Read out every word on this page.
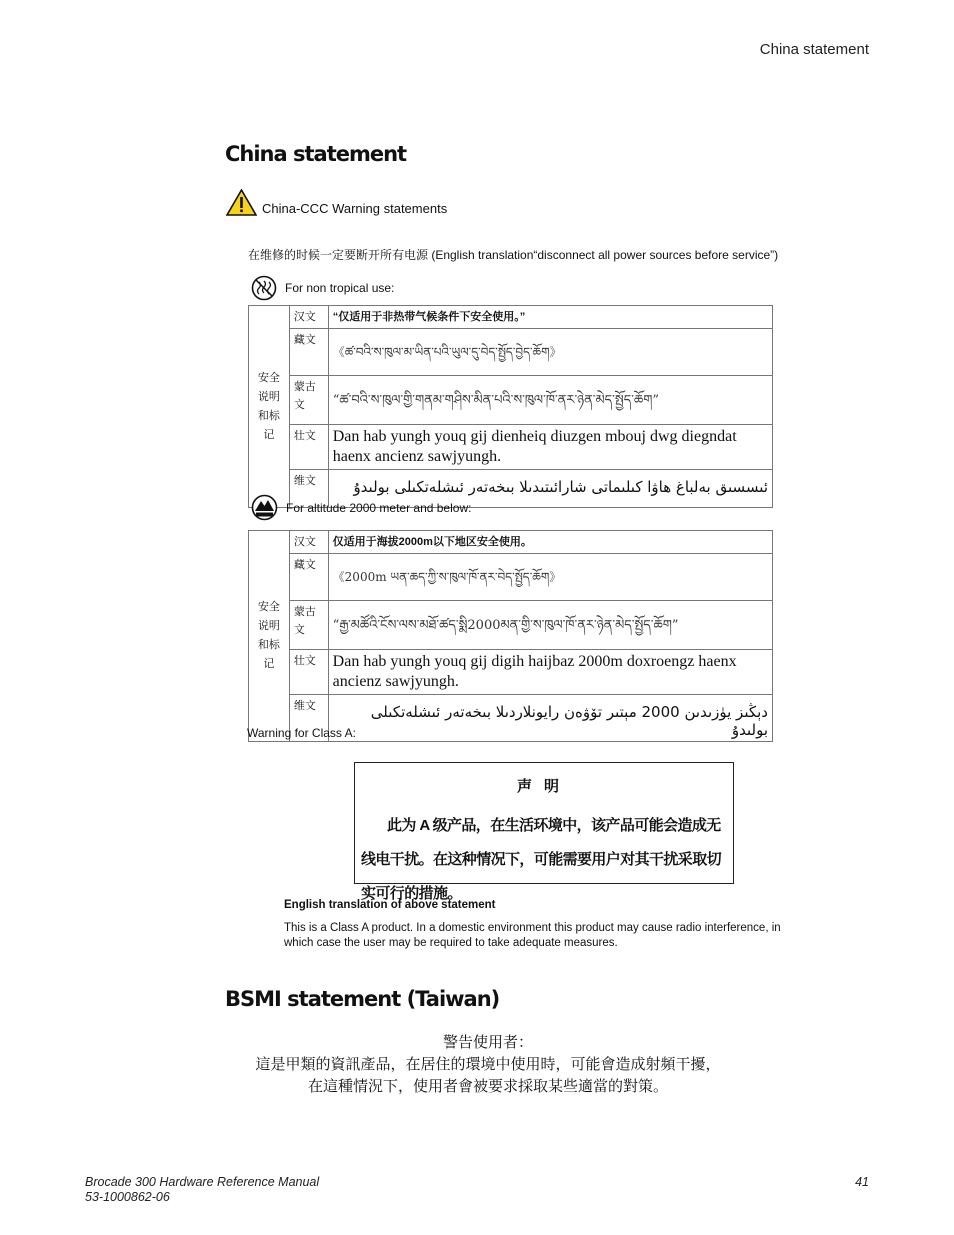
China statement
China statement
China-CCC Warning statements
在维修的时候一定要断开所有电源 (English translation“disconnect all power sources before service”)
For non tropical use:
安全
说明
和标
记	汉文	“仅适用于非热带气候条件下安全使用。”
	藏文	《ཚ་བའི་ས་ཁུལ་མ་ཡིན་པའི་ཡུལ་དུ་བེད་སྤྱོད་བྱེད་ཆོག》
	蒙古文	“ཚ་བའི་ས་ཁུལ་གྱི་གནམ་གཤིས་མིན་པའི་ས་ཁུལ་ཁོ་ནར་ཉེན་མེད་སྤྱོད་ཆོག”
	壮文	Dan hab yungh youq gij dienheiq diuzgen mbouj dwg diegndat haenx ancienz sawjyungh.
	维文	ئىسسىق بەلباغ ھاۋا كىلىماتى شارائىتىدىلا بىخەتەر ئىشلەتكىلى بولىدۇ
For altitude 2000 meter and below:
安全
说明
和标
记	汉文	仅适用于海拔2000m以下地区安全使用。
	藏文	《2000m ཡན་ཆད་ཀྱི་ས་ཁུལ་ཁོ་ནར་བེད་སྤྱོད་ཆོག》
	蒙古文	“རྒྱ་མཚོའི་ངོས་ལས་མཐོ་ཚད་སྨི2000མན་གྱི་ས་ཁུལ་ཁོ་ནར་ཉེན་མེད་སྤྱོད་ཆོག”
	壮文	Dan hab yungh youq gij digih haijbaz 2000m doxroengz haenx ancienz sawjyungh.
	维文	دېڭىز يۈزىدىن 2000 مېتىر تۆۋەن رايونلاردىلا بىخەتەر ئىشلەتكىلى بولىدۇ
Warning for Class A:
声明
此为 A 级产品，在生活环境中，该产品可能会造成无线电干扰。在这种情况下，可能需要用户对其干扰采取切实可行的措施。
English translation of above statement
This is a Class A product. In a domestic environment this product may cause radio interference, in which case the user may be required to take adequate measures.
BSMI statement (Taiwan)
警告使用者：
這是甲類的資訊產品，在居住的環境中使用時，可能會造成射頻干擾，
在這種情況下，使用者會被要求採取某些適當的對策。
Brocade 300 Hardware Reference Manual
53-1000862-06
41
